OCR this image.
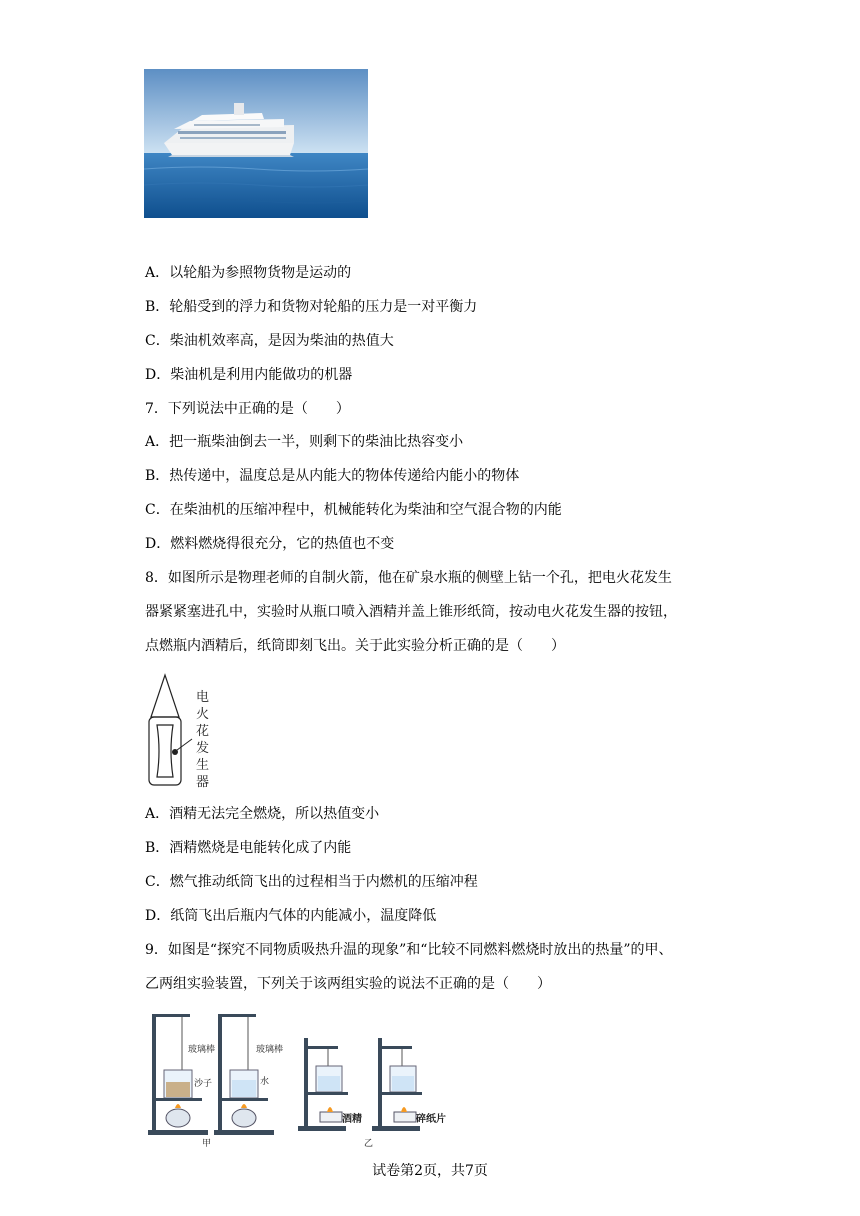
A．以轮船为参照物货物是运动的
B．轮船受到的浮力和货物对轮船的压力是一对平衡力
C．柴油机效率高，是因为柴油的热值大
D．柴油机是利用内能做功的机器
7．下列说法中正确的是（　　）
A．把一瓶柴油倒去一半，则剩下的柴油比热容变小
B．热传递中，温度总是从内能大的物体传递给内能小的物体
C．在柴油机的压缩冲程中，机械能转化为柴油和空气混合物的内能
D．燃料燃烧得很充分，它的热值也不变
8．如图所示是物理老师的自制火箭，他在矿泉水瓶的侧壁上钻一个孔，把电火花发生
器紧紧塞进孔中，实验时从瓶口喷入酒精并盖上锥形纸筒，按动电火花发生器的按钮，
点燃瓶内酒精后，纸筒即刻飞出。关于此实验分析正确的是（　　）
电
火
花
发
生
器
A．酒精无法完全燃烧，所以热值变小
B．酒精燃烧是电能转化成了内能
C．燃气推动纸筒飞出的过程相当于内燃机的压缩冲程
D．纸筒飞出后瓶内气体的内能减小，温度降低
9．如图是“探究不同物质吸热升温的现象”和“比较不同燃料燃烧时放出的热量”的甲、
乙两组实验装置，下列关于该两组实验的说法不正确的是（　　）
玻璃棒
沙子
玻璃棒
水
甲
酒精	碎纸片
乙
试卷第2页，共7页
